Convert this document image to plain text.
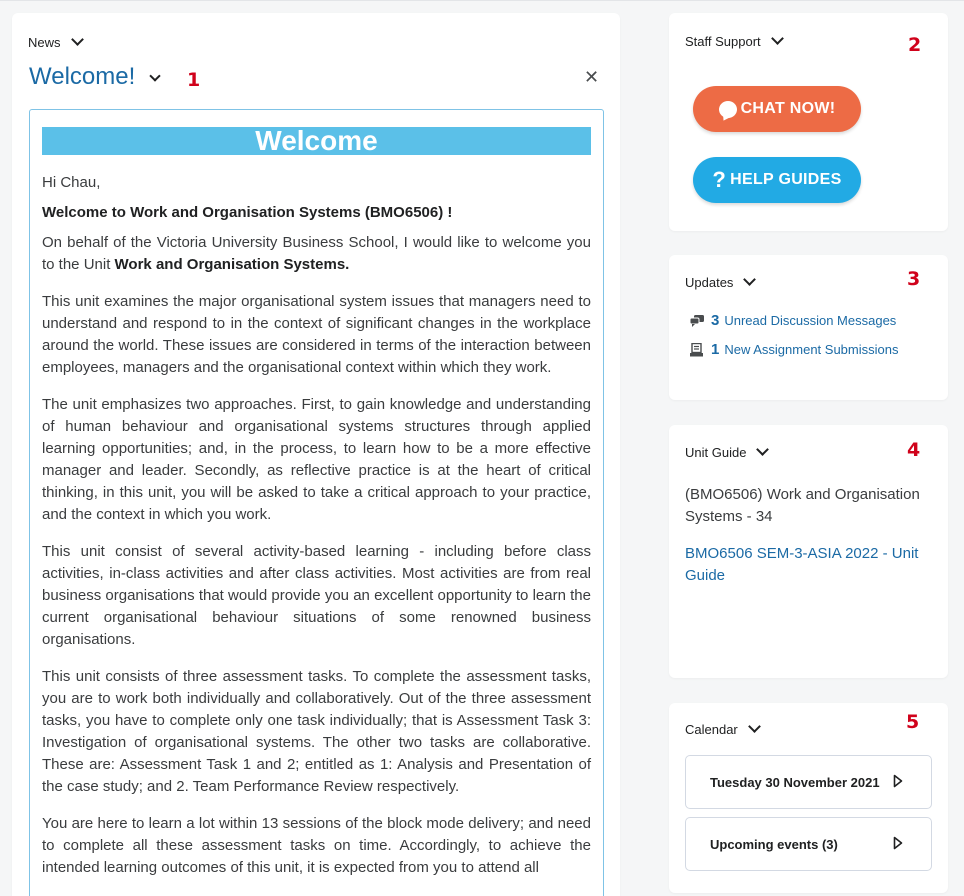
News
Welcome!	1	✕
Welcome

Hi Chau,

Welcome to Work and Organisation Systems (BMO6506) !

On behalf of the Victoria University Business School, I would like to welcome you to the Unit Work and Organisation Systems.

This unit examines the major organisational system issues that managers need to understand and respond to in the context of significant changes in the workplace around the world. These issues are considered in terms of the interaction between employees, managers and the organisational context within which they work.

The unit emphasizes two approaches. First, to gain knowledge and understanding of human behaviour and organisational systems structures through applied learning opportunities; and, in the process, to learn how to be a more effective manager and leader. Secondly, as reflective practice is at the heart of critical thinking, in this unit, you will be asked to take a critical approach to your practice, and the context in which you work.

This unit consist of several activity-based learning - including before class activities, in-class activities and after class activities. Most activities are from real business organisations that would provide you an excellent opportunity to learn the current organisational behaviour situations of some renowned business organisations.

This unit consists of three assessment tasks. To complete the assessment tasks, you are to work both individually and collaboratively. Out of the three assessment tasks, you have to complete only one task individually; that is Assessment Task 3: Investigation of organisational systems. The other two tasks are collaborative. These are: Assessment Task 1 and 2; entitled as 1: Analysis and Presentation of the case study; and 2. Team Performance Review respectively.

You are here to learn a lot within 13 sessions of the block mode delivery; and need to complete all these assessment tasks on time. Accordingly, to achieve the intended learning outcomes of this unit, it is expected from you to attend all

Staff Support	2
CHAT NOW!
? HELP GUIDES
Updates	3
3 Unread Discussion Messages
1 New Assignment Submissions
Unit Guide	4
(BMO6506) Work and Organisation Systems - 34
BMO6506 SEM-3-ASIA 2022 - Unit Guide
Calendar	5
Tuesday 30 November 2021
Upcoming events (3)
